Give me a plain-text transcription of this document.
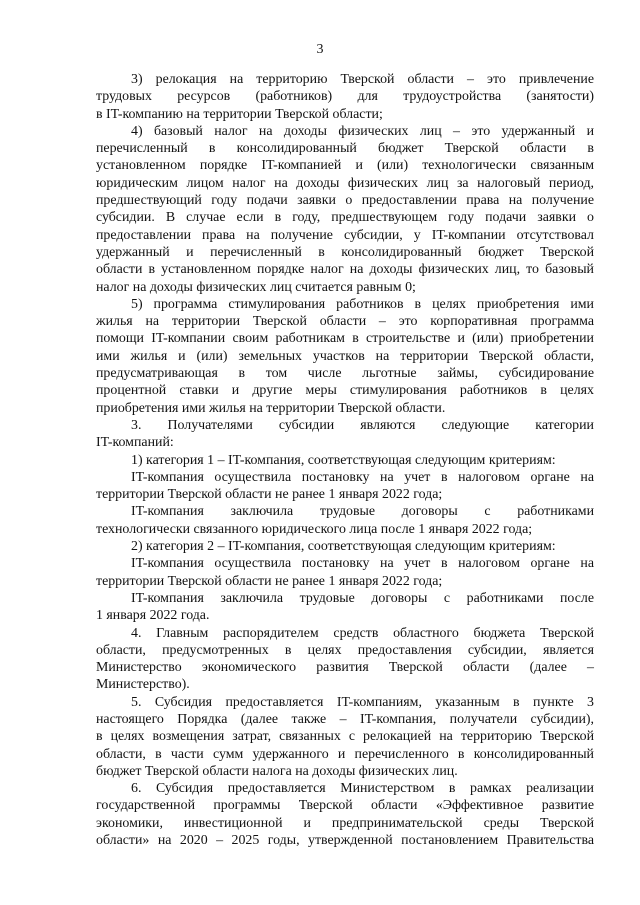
3
3) релокация на территорию Тверской области – это привлечение
трудовых ресурсов (работников) для трудоустройства (занятости)
в IT-компанию на территории Тверской области;
4) базовый налог на доходы физических лиц – это удержанный и
перечисленный в консолидированный бюджет Тверской области в
установленном порядке IT-компанией и (или) технологически связанным
юридическим лицом налог на доходы физических лиц за налоговый период,
предшествующий году подачи заявки о предоставлении права на получение
субсидии. В случае если в году, предшествующем году подачи заявки о
предоставлении права на получение субсидии, у IT-компании отсутствовал
удержанный и перечисленный в консолидированный бюджет Тверской
области в установленном порядке налог на доходы физических лиц, то базовый
налог на доходы физических лиц считается равным 0;
5) программа стимулирования работников в целях приобретения ими
жилья на территории Тверской области – это корпоративная программа
помощи IT-компании своим работникам в строительстве и (или) приобретении
ими жилья и (или) земельных участков на территории Тверской области,
предусматривающая в том числе льготные займы, субсидирование
процентной ставки и другие меры стимулирования работников в целях
приобретения ими жилья на территории Тверской области.
3. Получателями субсидии являются следующие категории
IT-компаний:
1) категория 1 – IT-компания, соответствующая следующим критериям:
IT-компания осуществила постановку на учет в налоговом органе на
территории Тверской области не ранее 1 января 2022 года;
IT-компания заключила трудовые договоры с работниками
технологически связанного юридического лица после 1 января 2022 года;
2) категория 2 – IT-компания, соответствующая следующим критериям:
IT-компания осуществила постановку на учет в налоговом органе на
территории Тверской области не ранее 1 января 2022 года;
IT-компания заключила трудовые договоры с работниками после
1 января 2022 года.
4. Главным распорядителем средств областного бюджета Тверской
области, предусмотренных в целях предоставления субсидии, является
Министерство экономического развития Тверской области (далее –
Министерство).
5. Субсидия предоставляется IT-компаниям, указанным в пункте 3
настоящего Порядка (далее также – IT-компания, получатели субсидии),
в целях возмещения затрат, связанных с релокацией на территорию Тверской
области, в части сумм удержанного и перечисленного в консолидированный
бюджет Тверской области налога на доходы физических лиц.
6. Субсидия предоставляется Министерством в рамках реализации
государственной программы Тверской области «Эффективное развитие
экономики, инвестиционной и предпринимательской среды Тверской
области» на 2020 – 2025 годы, утвержденной постановлением Правительства
